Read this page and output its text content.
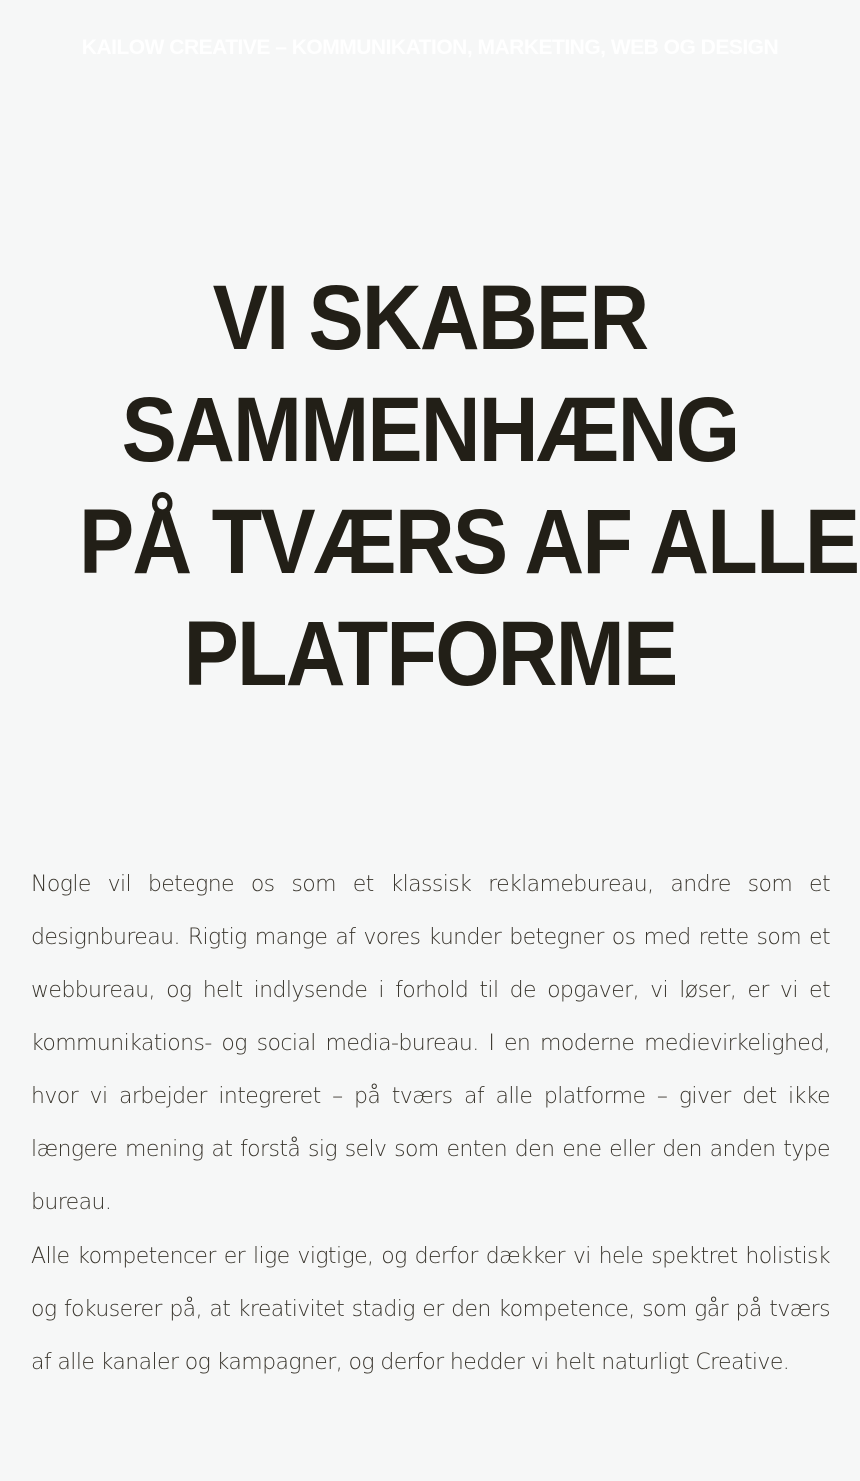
KAILOW CREATIVE – KOMMUNIKATION, MARKETING, WEB OG DESIGN
VI SKABER
SAMMENHÆNG
PÅ TVÆRS AF ALLE
PLATFORME

Nogle vil betegne os som et klassisk reklamebureau, andre som et designbureau. Rigtig mange af vores kunder betegner os med rette som et webbureau, og helt indlysende i forhold til de opgaver, vi løser, er vi et kommunikations- og social media-bureau. I en moderne medievirkelighed, hvor vi arbejder integreret – på tværs af alle platforme – giver det ikke længere mening at forstå sig selv som enten den ene eller den anden type bureau.

Alle kompetencer er lige vigtige, og derfor dækker vi hele spektret holistisk og fokuserer på, at kreativitet stadig er den kompetence, som går på tværs af alle kanaler og kampagner, og derfor hedder vi helt naturligt Creative.
